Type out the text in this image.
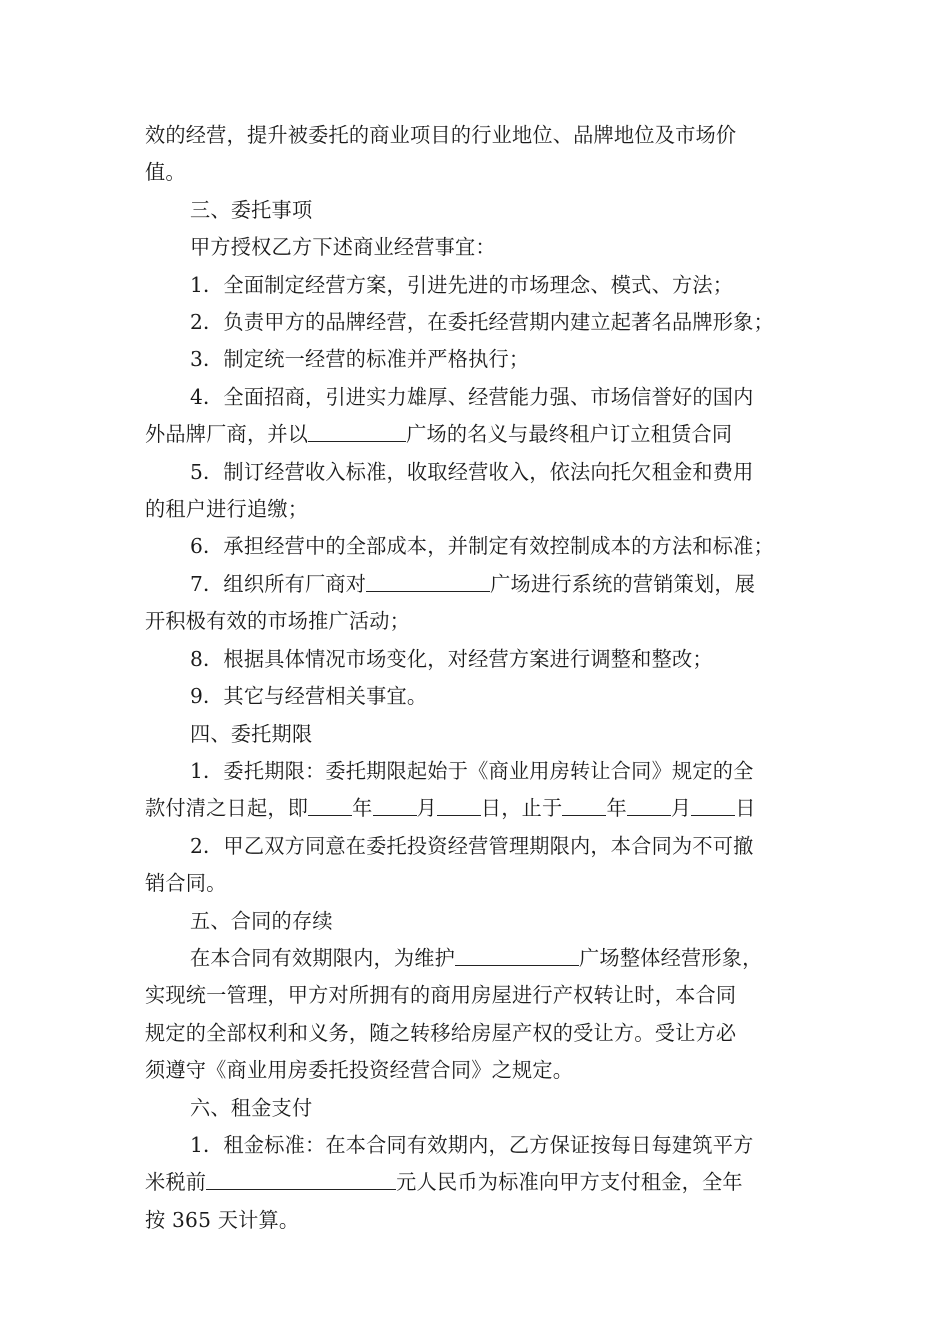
效的经营，提升被委托的商业项目的行业地位、品牌地位及市场价

值。

三、委托事项

甲方授权乙方下述商业经营事宜：

1．全面制定经营方案，引进先进的市场理念、模式、方法；

2．负责甲方的品牌经营，在委托经营期内建立起著名品牌形象；

3．制定统一经营的标准并严格执行；

4．全面招商，引进实力雄厚、经营能力强、市场信誉好的国内

外品牌厂商，并以	广场的名义与最终租户订立租赁合同

5．制订经营收入标准，收取经营收入，依法向托欠租金和费用

的租户进行追缴；

6．承担经营中的全部成本，并制定有效控制成本的方法和标准；

7．组织所有厂商对	广场进行系统的营销策划，展

开积极有效的市场推广活动；

8．根据具体情况市场变化，对经营方案进行调整和整改；

9．其它与经营相关事宜。

四、委托期限

1．委托期限：委托期限起始于《商业用房转让合同》规定的全

款付清之日起，即 年 月 日，止于 年 月 日

2．甲乙双方同意在委托投资经营管理期限内，本合同为不可撤

销合同。

五、合同的存续

在本合同有效期限内，为维护	广场整体经营形象，

实现统一管理，甲方对所拥有的商用房屋进行产权转让时，本合同

规定的全部权利和义务，随之转移给房屋产权的受让方。受让方必

须遵守《商业用房委托投资经营合同》之规定。

六、租金支付

1．租金标准：在本合同有效期内，乙方保证按每日每建筑平方

米税前	元人民币为标准向甲方支付租金，全年

按 365 天计算。
